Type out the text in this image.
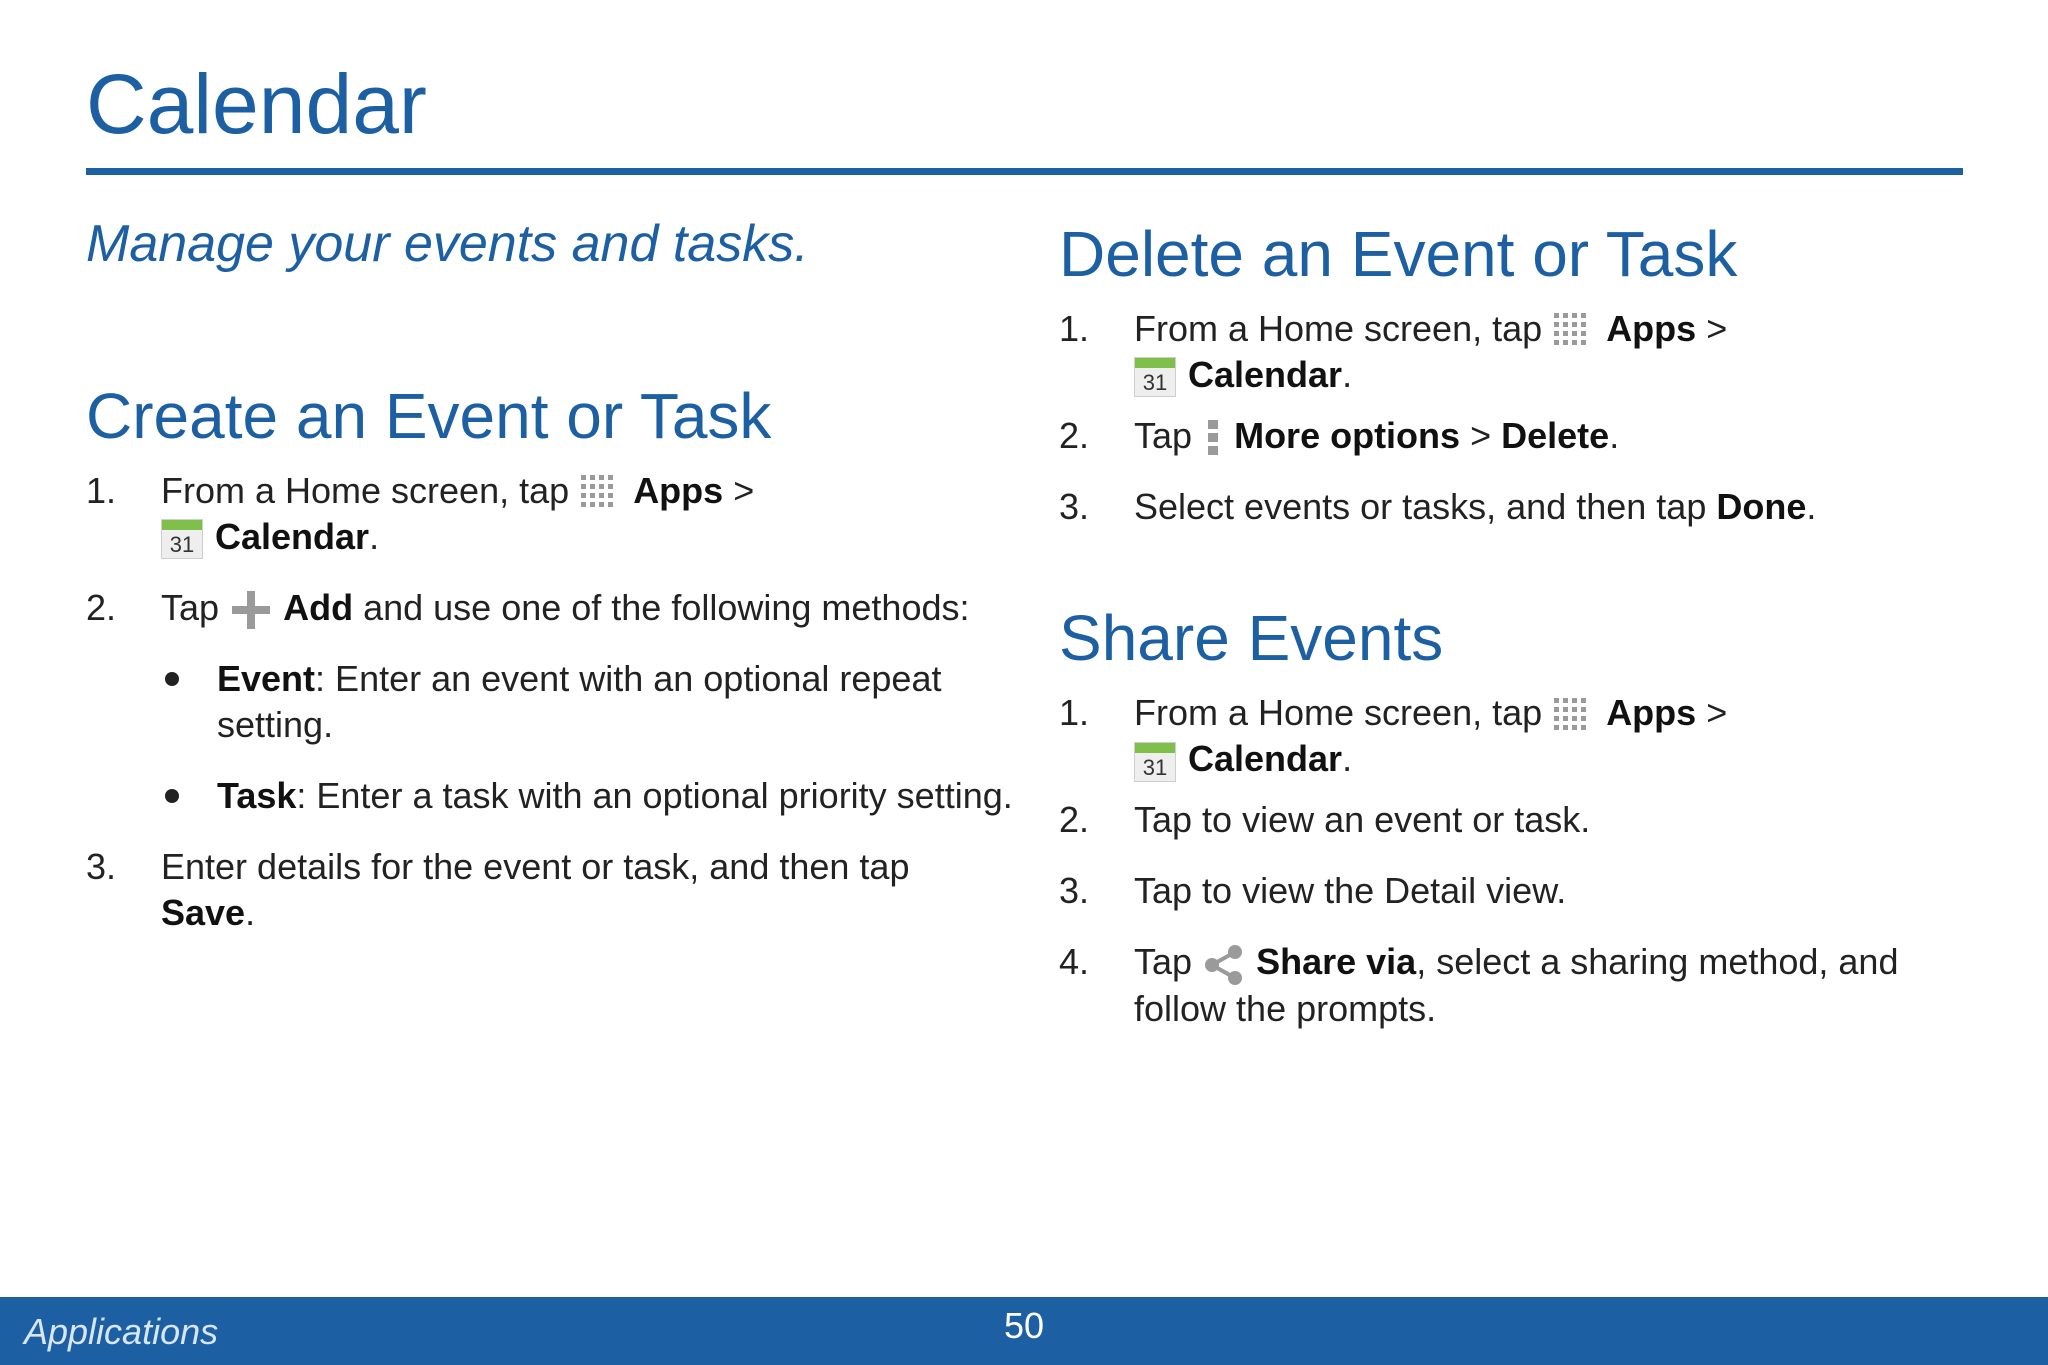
Calendar

Manage your events and tasks.

Create an Event or Task
1. From a Home screen, tap Apps >

31 Calendar.
2. Tap Add and use one of the following methods:
Event: Enter an event with an optional repeat setting.
Task: Enter a task with an optional priority setting.
3. Enter details for the event or task, and then tap Save.
Delete an Event or Task
1. From a Home screen, tap Apps >

31 Calendar.
2. Tap More options > Delete.
3. Select events or tasks, and then tap Done.
Share Events
1. From a Home screen, tap Apps >

31 Calendar.
2. Tap to view an event or task.
3. Tap to view the Detail view.
4. Tap Share via, select a sharing method, and follow the prompts.
Applications	50
